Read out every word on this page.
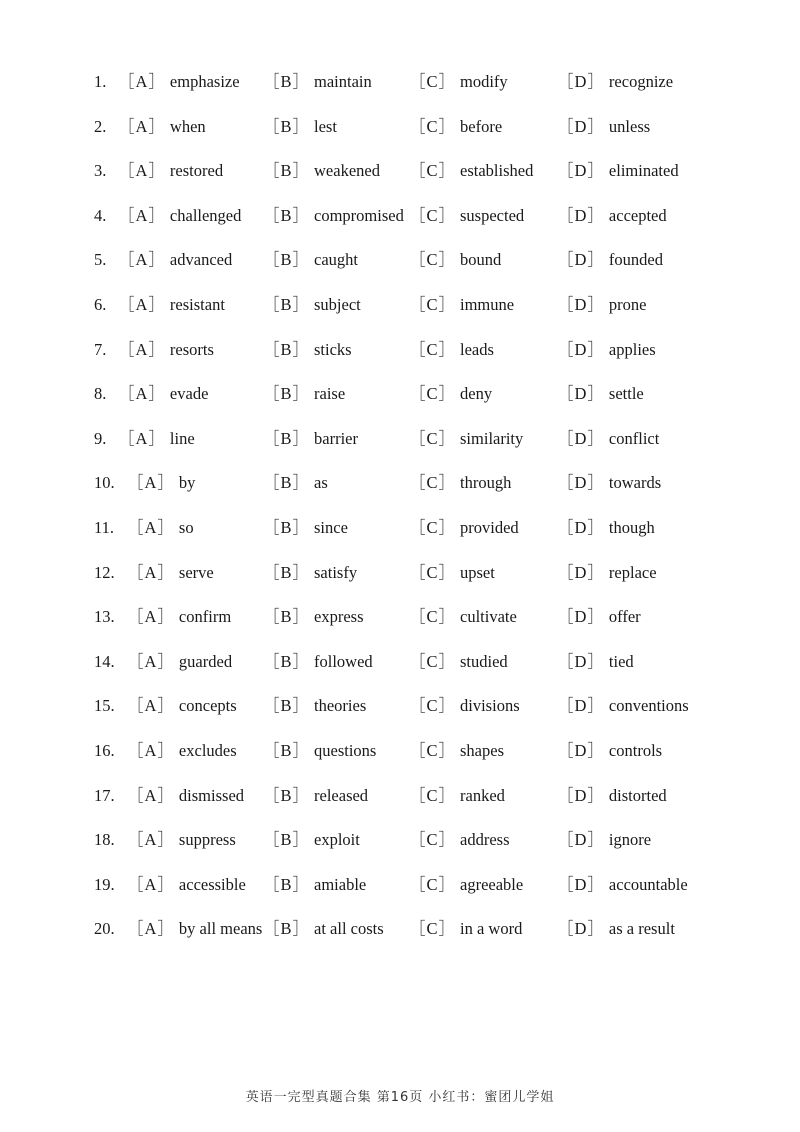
1. ［A］ emphasize ［B］ maintain ［C］ modify	［D］ recognize
2. ［A］ when	［B］ lest	［C］ before	［D］ unless
3. ［A］ restored ［B］ weakened ［C］ established ［D］ eliminated
4. ［A］ challenged ［B］ compromised ［C］ suspected ［D］ accepted
5. ［A］ advanced ［B］ caught	［C］ bound	［D］ founded
6. ［A］ resistant ［B］ subject	［C］ immune	［D］ prone
7. ［A］ resorts	［B］ sticks	［C］ leads	［D］ applies
8. ［A］ evade	［B］ raise	［C］ deny	［D］ settle
9. ［A］ line	［B］ barrier	［C］ similarity ［D］ conflict
10. ［A］ by	［B］ as	［C］ through	［D］ towards
11. ［A］ so	［B］ since	［C］ provided ［D］ though
12. ［A］ serve	［B］ satisfy	［C］ upset	［D］ replace
13. ［A］ confirm ［B］ express	［C］ cultivate ［D］ offer
14. ［A］ guarded ［B］ followed ［C］ studied	［D］ tied
15. ［A］ concepts ［B］ theories	［C］ divisions ［D］ conventions
16. ［A］ excludes ［B］ questions ［C］ shapes	［D］ controls
17. ［A］ dismissed ［B］ released ［C］ ranked	［D］ distorted
18. ［A］ suppress ［B］ exploit	［C］ address	［D］ ignore
19. ［A］ accessible ［B］ amiable	［C］ agreeable ［D］ accountable
20. ［A］ by all means ［B］ at all costs ［C］ in a word ［D］ as a result
英语一完型真题合集 第16页 小红书：蜜团儿学姐
